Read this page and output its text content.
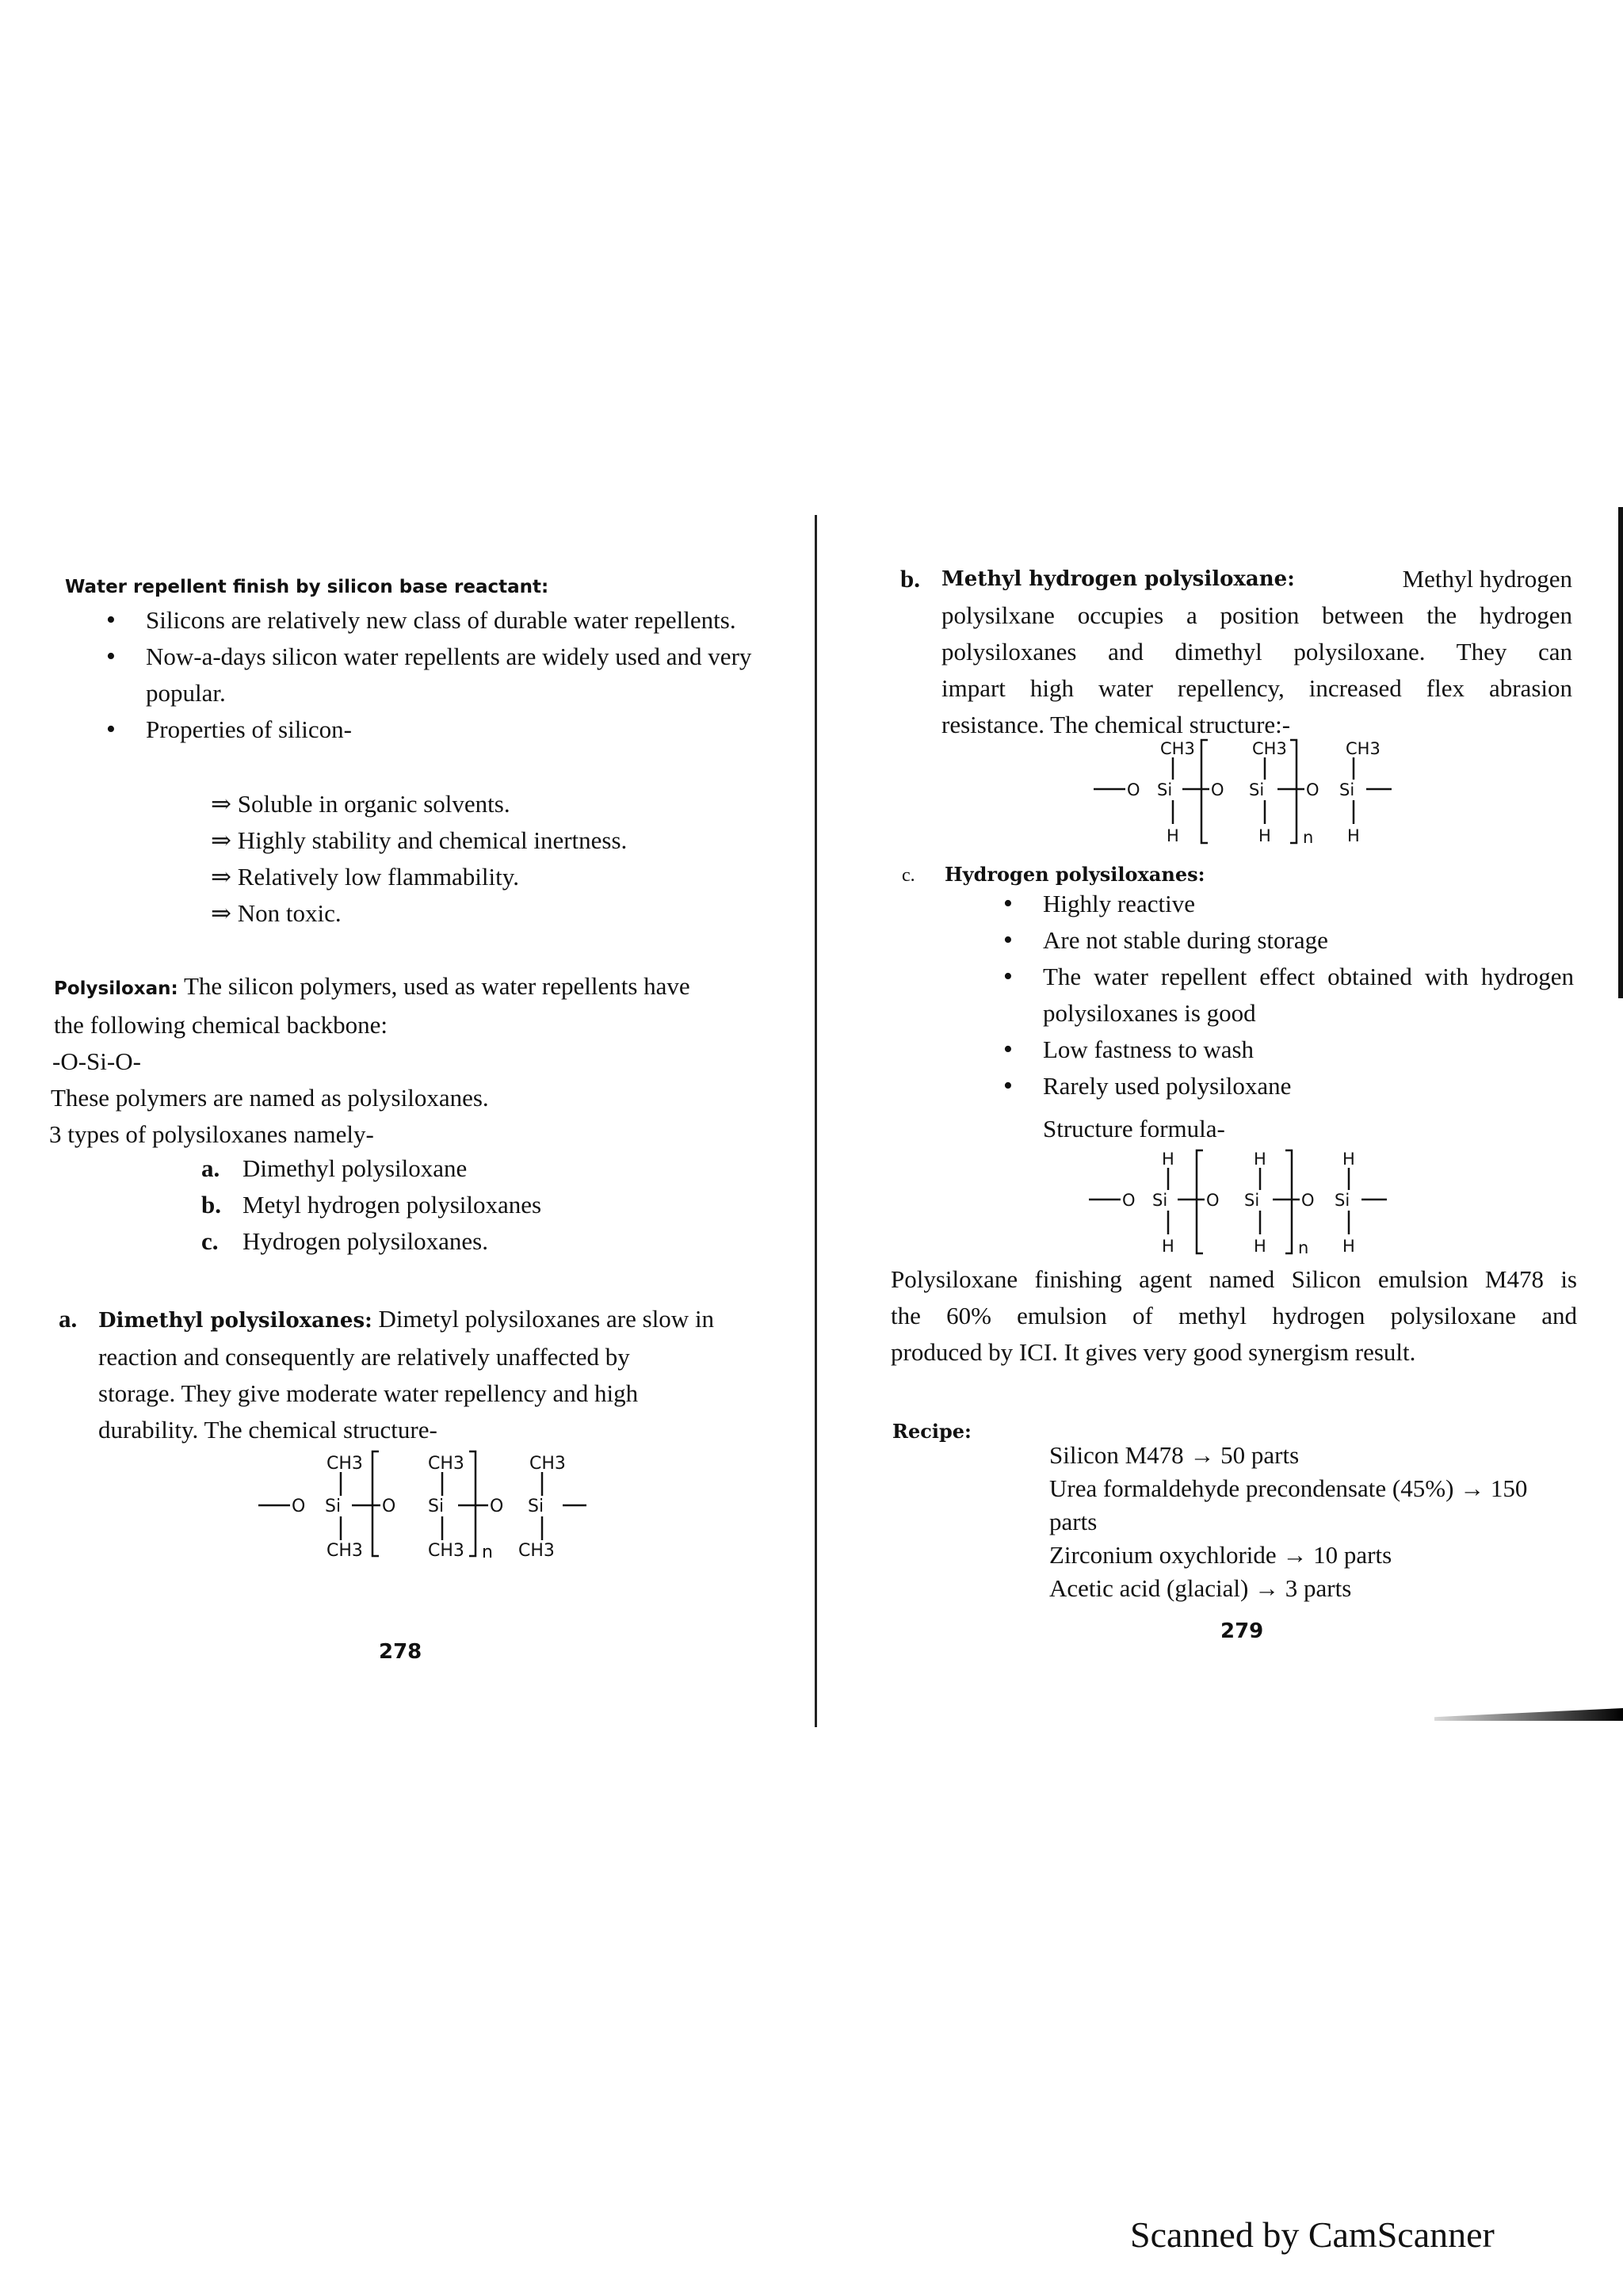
Water repellent finish by silicon base reactant:
• Silicons are relatively new class of durable water repellents.
• Now-a-days silicon water repellents are widely used and very popular.
• Properties of silicon-
⇒ Soluble in organic solvents.
⇒ Highly stability and chemical inertness.
⇒ Relatively low flammability.
⇒ Non toxic.
Polysiloxan: The silicon polymers, used as water repellents have
the following chemical backbone:
-O-Si-O-
These polymers are named as polysiloxanes.
3 types of polysiloxanes namely-
a. Dimethyl polysiloxane
b. Metyl hydrogen polysiloxanes
c. Hydrogen polysiloxanes.
a. Dimethyl polysiloxanes: Dimetyl polysiloxanes are slow in
reaction and consequently are relatively unaffected by
storage. They give moderate water repellency and high
durability. The chemical structure-
CH3	CH3	CH3
O Si O Si	O Si
CH3	CH3	CH3
n
278
b. Methyl hydrogen polysiloxane:	Methyl hydrogen
polysilxane occupies a position between the hydrogen
polysiloxanes and dimethyl polysiloxane. They can
impart high water repellency, increased flex abrasion
resistance. The chemical structure:-
CH3	CH3	CH3
O Si O Si	O Si
H	H	H
n
c. Hydrogen polysiloxanes:
• Highly reactive
• Are not stable during storage
• The water repellent effect obtained with hydrogen polysiloxanes is good
• Low fastness to wash
• Rarely used polysiloxane
Structure formula-
H	H	H
O Si O Si	O Si
H	H	H
n
Polysiloxane finishing agent named Silicon emulsion M478 is
the 60% emulsion of methyl hydrogen polysiloxane and
produced by ICI. It gives very good synergism result.
Recipe:
Silicon M478 → 50 parts
Urea formaldehyde precondensate (45%) → 150
parts
Zirconium oxychloride → 10 parts
Acetic acid (glacial) → 3 parts
279
Scanned by CamScanner
